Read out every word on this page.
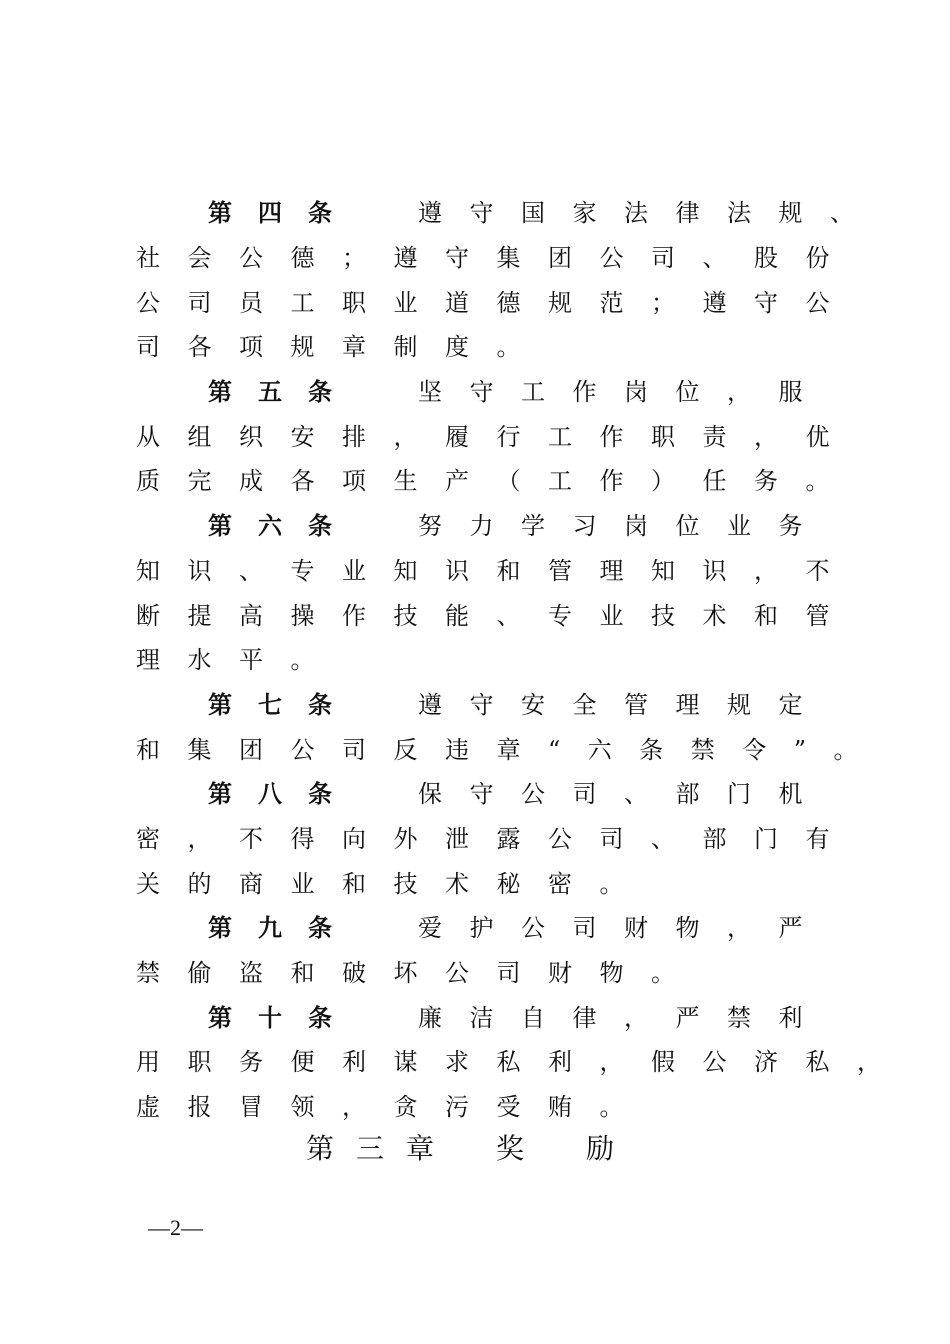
第四条	遵守国家法律法规、
社会公德；遵守集团公司、股份
公司员工职业道德规范；遵守公
司各项规章制度。
第五条	坚守工作岗位，服
从组织安排，履行工作职责，优
质完成各项生产（工作）任务。
第六条	努力学习岗位业务
知识、专业知识和管理知识，不
断提高操作技能、专业技术和管
理水平。
第七条	遵守安全管理规定
和集团公司反违章“六条禁令”。
第八条	保守公司、部门机
密，不得向外泄露公司、部门有
关的商业和技术秘密。
第九条	爱护公司财物，严
禁偷盗和破坏公司财物。
第十条	廉洁自律，严禁利
用职务便利谋求私利，假公济私，
虚报冒领，贪污受贿。
第三章 奖 励
—2—
